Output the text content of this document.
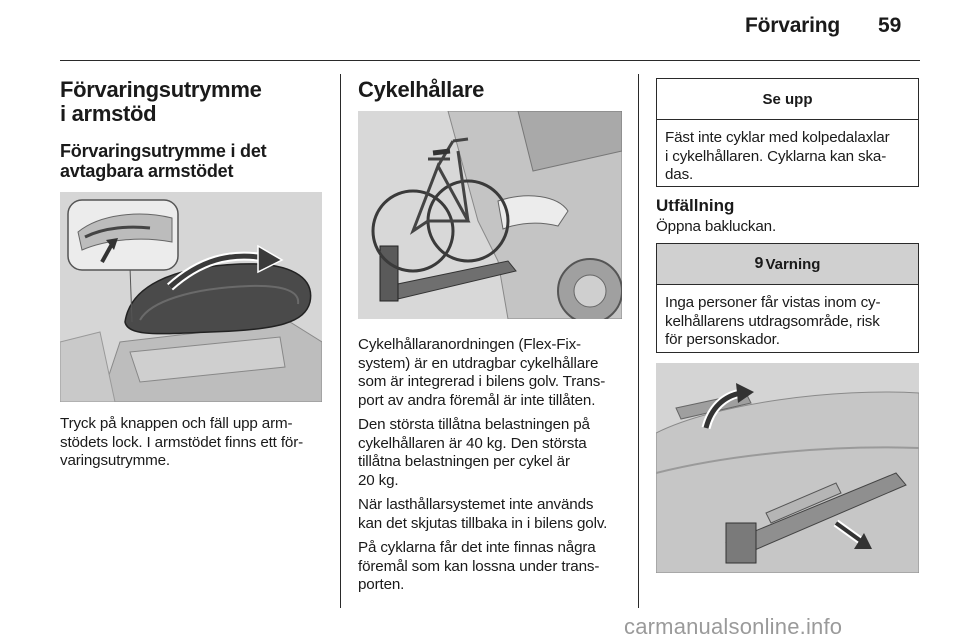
Förvaring 59
Förvaringsutrymme
i armstöd
Förvaringsutrymme i det
avtagbara armstödet
Tryck på knappen och fäll upp arm-
stödets lock. I armstödet finns ett för-
varingsutrymme.
Cykelhållare
Cykelhållaranordningen (Flex-Fix-
system) är en utdragbar cykelhållare
som är integrerad i bilens golv. Trans-
port av andra föremål är inte tillåten.
Den största tillåtna belastningen på
cykelhållaren är 40 kg. Den största
tillåtna belastningen per cykel är
20 kg.
När lasthållarsystemet inte används
kan det skjutas tillbaka in i bilens golv.
På cyklarna får det inte finnas några
föremål som kan lossna under trans-
porten.
Se upp
Fäst inte cyklar med kolpedalaxlar
i cykelhållaren. Cyklarna kan ska-
das.
Utfällning
Öppna bakluckan.
9 Varning
Inga personer får vistas inom cy-
kelhållarens utdragsområde, risk
för personskador.
carmanualsonline.info
